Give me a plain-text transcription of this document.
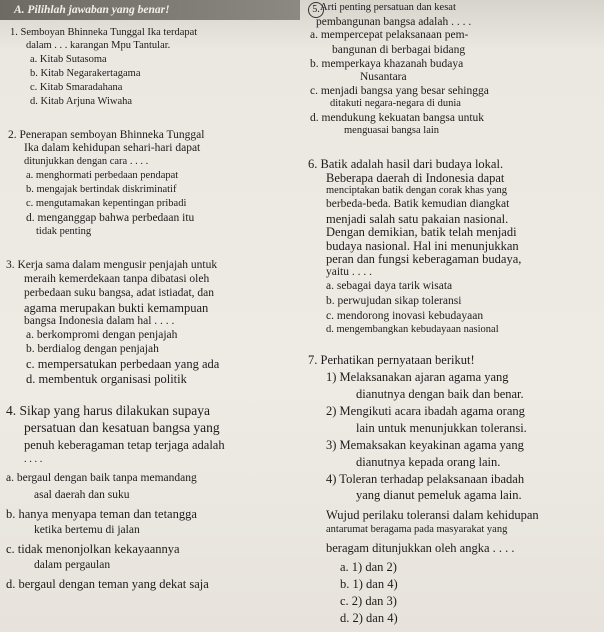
A. Pilihlah jawaban yang benar!
1. Semboyan Bhinneka Tunggal Ika terdapat
dalam . . . karangan Mpu Tantular.
a. Kitab Sutasoma
b. Kitab Negarakertagama
c. Kitab Smaradahana
d. Kitab Arjuna Wiwaha
2. Penerapan semboyan Bhinneka Tunggal
Ika dalam kehidupan sehari-hari dapat
ditunjukkan dengan cara . . . .
a. menghormati perbedaan pendapat
b. mengajak bertindak diskriminatif
c. mengutamakan kepentingan pribadi
d. menganggap bahwa perbedaan itu
tidak penting
3. Kerja sama dalam mengusir penjajah untuk
meraih kemerdekaan tanpa dibatasi oleh
perbedaan suku bangsa, adat istiadat, dan
agama merupakan bukti kemampuan
bangsa Indonesia dalam hal . . . .
a. berkompromi dengan penjajah
b. berdialog dengan penjajah
c. mempersatukan perbedaan yang ada
d. membentuk organisasi politik
4. Sikap yang harus dilakukan supaya
persatuan dan kesatuan bangsa yang
penuh keberagaman tetap terjaga adalah
. . . .
a. bergaul dengan baik tanpa memandang
asal daerah dan suku
b. hanya menyapa teman dan tetangga
ketika bertemu di jalan
c. tidak menonjolkan kekayaannya
dalam pergaulan
d. bergaul dengan teman yang dekat saja
5. Arti penting persatuan dan kesat
pembangunan bangsa adalah . . . .
a. mempercepat pelaksanaan pem-
bangunan di berbagai bidang
b. memperkaya khazanah budaya
Nusantara
c. menjadi bangsa yang besar sehingga
ditakuti negara-negara di dunia
d. mendukung kekuatan bangsa untuk
menguasai bangsa lain
6. Batik adalah hasil dari budaya lokal.
Beberapa daerah di Indonesia dapat
menciptakan batik dengan corak khas yang
berbeda-beda. Batik kemudian diangkat
menjadi salah satu pakaian nasional.
Dengan demikian, batik telah menjadi
budaya nasional. Hal ini menunjukkan
peran dan fungsi keberagaman budaya,
yaitu . . . .
a. sebagai daya tarik wisata
b. perwujudan sikap toleransi
c. mendorong inovasi kebudayaan
d. mengembangkan kebudayaan nasional
7. Perhatikan pernyataan berikut!
1) Melaksanakan ajaran agama yang
dianutnya dengan baik dan benar.
2) Mengikuti acara ibadah agama orang
lain untuk menunjukkan toleransi.
3) Memaksakan keyakinan agama yang
dianutnya kepada orang lain.
4) Toleran terhadap pelaksanaan ibadah
yang dianut pemeluk agama lain.
Wujud perilaku toleransi dalam kehidupan
antarumat beragama pada masyarakat yang
beragam ditunjukkan oleh angka . . . .
a. 1) dan 2)
b. 1) dan 4)
c. 2) dan 3)
d. 2) dan 4)
